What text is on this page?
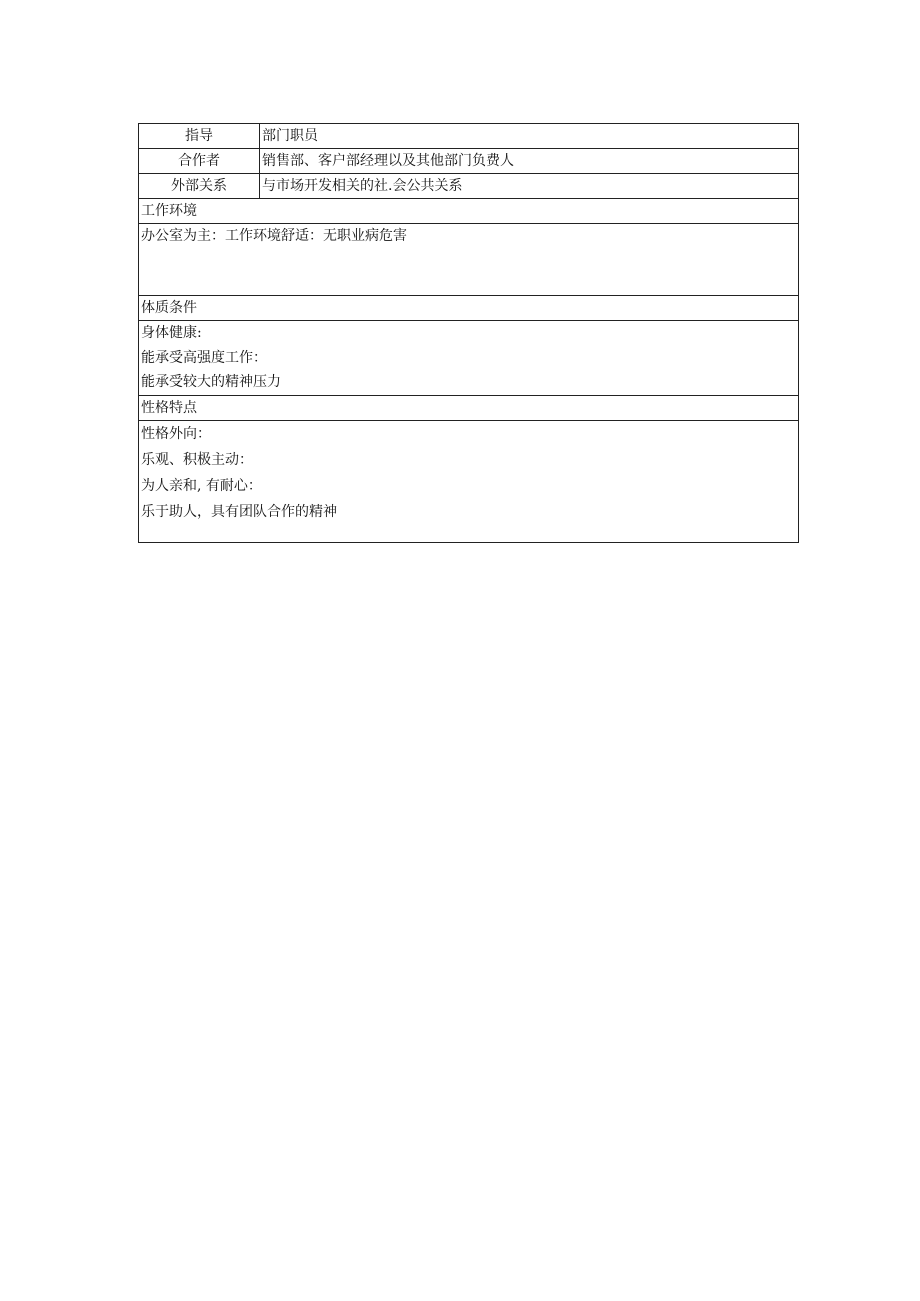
指导	部门职员
合作者	销售部、客户部经理以及其他部门负费人
外部关系	与市场开发相关的社.会公共关系
工作环境	

办公室为主：工作环境舒适：无职业病危害	

体质条件	

身体健康:
能承受高强度工作：
能承受较大的精神压力	

性格特点	

性格外向：
乐观、积极主动：
为人亲和, 有耐心：
乐于助人，具有团队合作的精神	
